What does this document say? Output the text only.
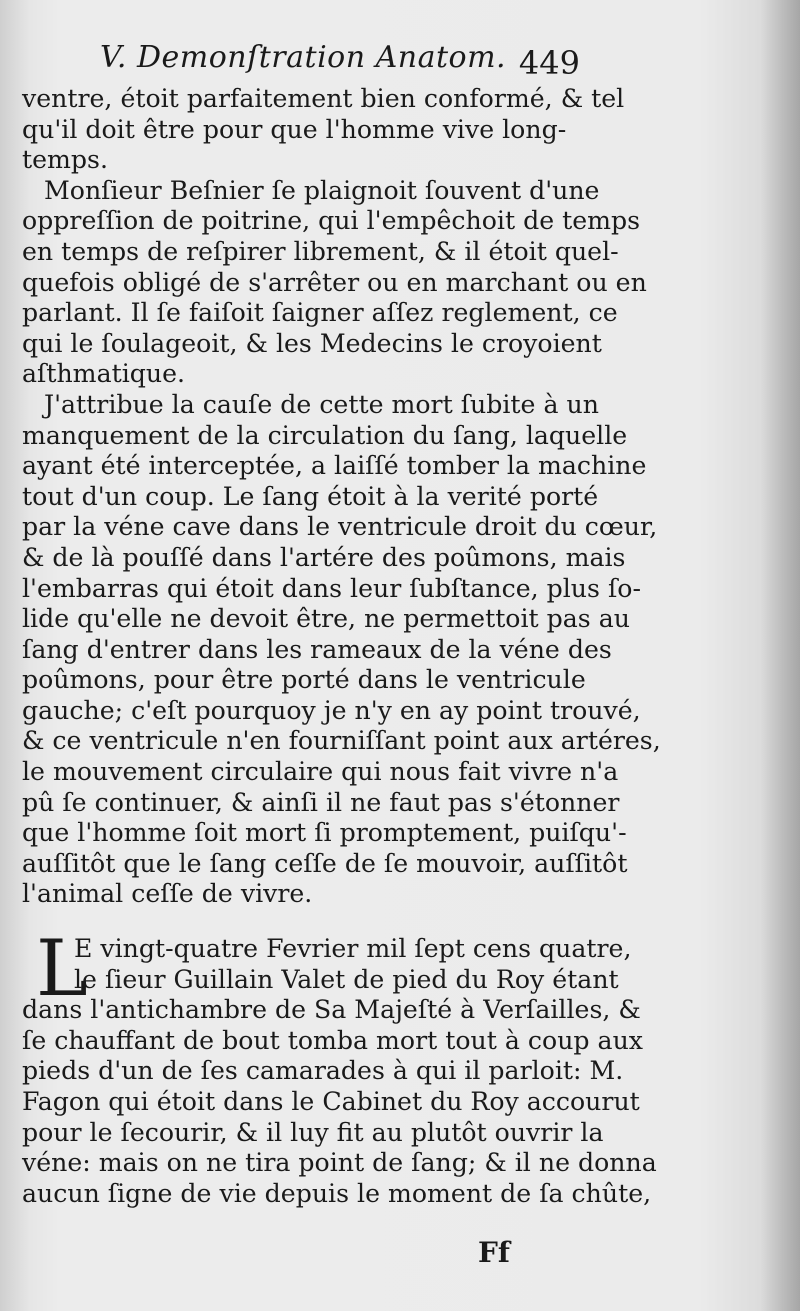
V. Demonſtration Anatom. 449
ventre, étoit parfaitement bien conformé, & tel
qu'il doit être pour que l'homme vive long-
temps.
Monſieur Beſnier ſe plaignoit ſouvent d'une
oppreſſion de poitrine, qui l'empêchoit de temps
en temps de reſpirer librement, & il étoit quel-
quefois obligé de s'arrêter ou en marchant ou en
parlant. Il ſe faiſoit ſaigner aſſez reglement, ce
qui le ſoulageoit, & les Medecins le croyoient
aſthmatique.
J'attribue la cauſe de cette mort ſubite à un
manquement de la circulation du ſang, laquelle
ayant été interceptée, a laiſſé tomber la machine
tout d'un coup. Le ſang étoit à la verité porté
par la véne cave dans le ventricule droit du cœur,
& de là pouſſé dans l'artére des poûmons, mais
l'embarras qui étoit dans leur ſubſtance, plus ſo-
lide qu'elle ne devoit être, ne permettoit pas au
ſang d'entrer dans les rameaux de la véne des
poûmons, pour être porté dans le ventricule
gauche; c'eſt pourquoy je n'y en ay point trouvé,
& ce ventricule n'en fourniſſant point aux artéres,
le mouvement circulaire qui nous fait vivre n'a
pû ſe continuer, & ainſi il ne faut pas s'étonner
que l'homme ſoit mort ſi promptement, puiſqu'-
auſſitôt que le ſang ceſſe de ſe mouvoir, auſſitôt
l'animal ceſſe de vivre.
L
E vingt-quatre Fevrier mil ſept cens quatre,
le ſieur Guillain Valet de pied du Roy étant
dans l'antichambre de Sa Majeſté à Verſailles, &
ſe chauffant de bout tomba mort tout à coup aux
pieds d'un de ſes camarades à qui il parloit: M.
Fagon qui étoit dans le Cabinet du Roy accourut
pour le ſecourir, & il luy fit au plutôt ouvrir la
véne: mais on ne tira point de ſang; & il ne donna
aucun ſigne de vie depuis le moment de ſa chûte,
Ff
